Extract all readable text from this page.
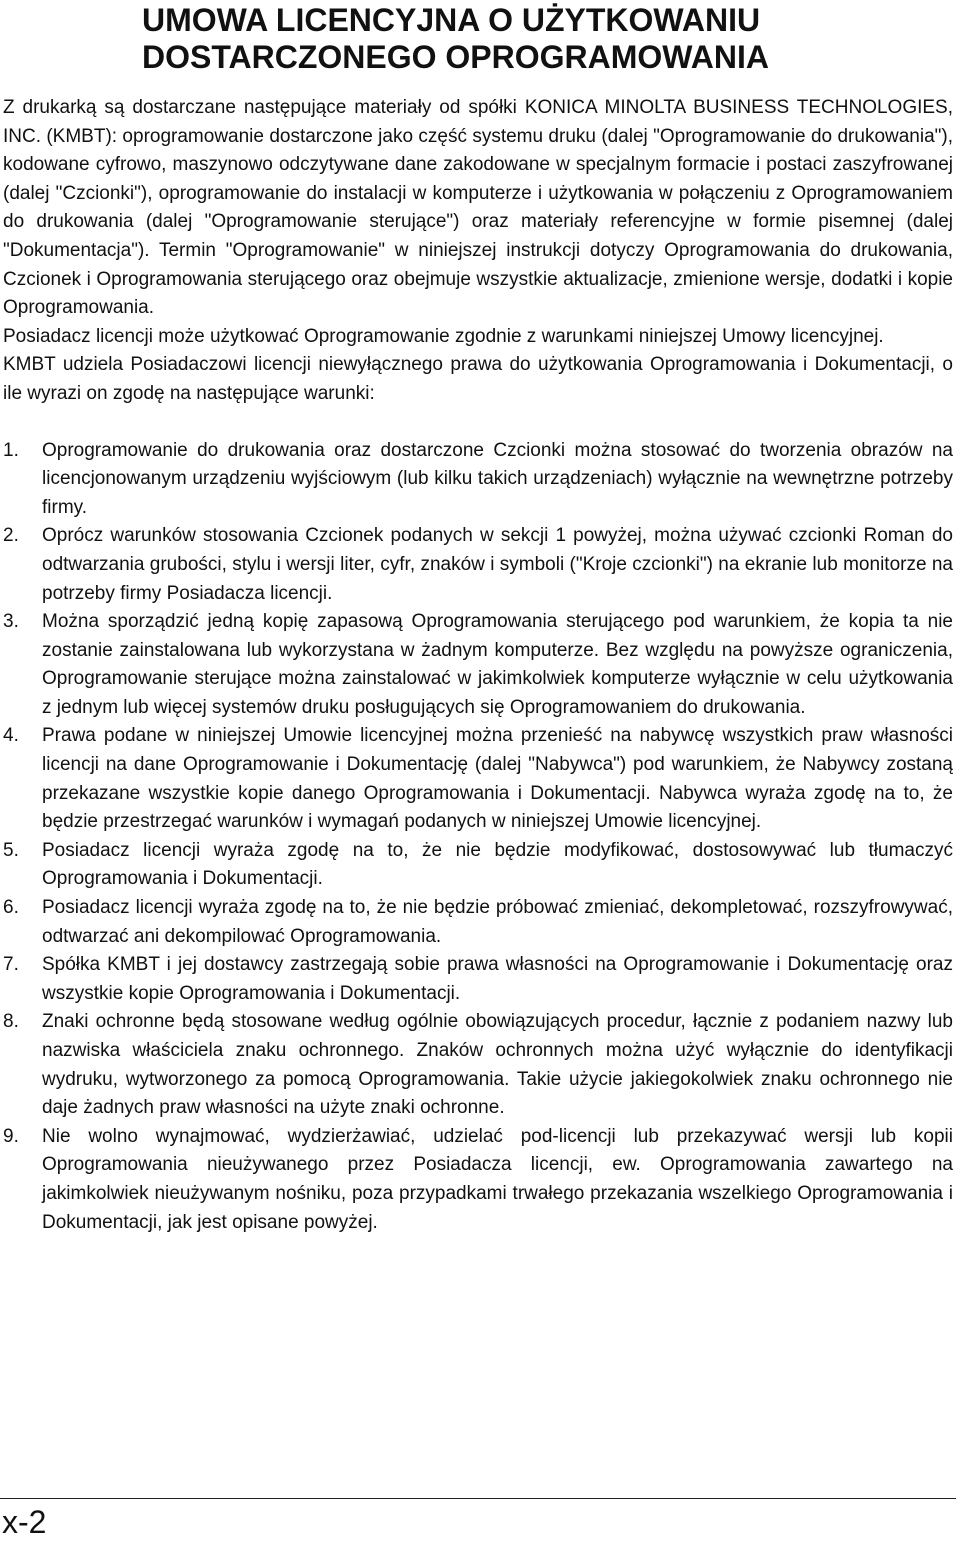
UMOWA LICENCYJNA O UŻYTKOWANIU
DOSTARCZONEGO OPROGRAMOWANIA

Z drukarką są dostarczane następujące materiały od spółki KONICA MINOLTA BUSINESS TECHNOLOGIES, INC. (KMBT): oprogramowanie dostarczone jako część systemu druku (dalej "Oprogramowanie do drukowania"), kodowane cyfrowo, maszynowo odczytywane dane zakodowane w specjalnym formacie i postaci zaszyfrowanej (dalej "Czcionki"), oprogramowanie do instalacji w komputerze i użytkowania w połączeniu z Oprogramowaniem do drukowania (dalej "Oprogramowanie sterujące") oraz materiały referencyjne w formie pisemnej (dalej "Dokumentacja"). Termin "Oprogramowanie" w niniejszej instrukcji dotyczy Oprogramowania do drukowania, Czcionek i Oprogramowania sterującego oraz obejmuje wszystkie aktualizacje, zmienione wersje, dodatki i kopie Oprogramowania.

Posiadacz licencji może użytkować Oprogramowanie zgodnie z warunkami niniejszej Umowy licencyjnej.

KMBT udziela Posiadaczowi licencji niewyłącznego prawa do użytkowania Oprogramowania i Dokumentacji, o ile wyrazi on zgodę na następujące warunki:

1. Oprogramowanie do drukowania oraz dostarczone Czcionki można stosować do tworzenia obrazów na licencjonowanym urządzeniu wyjściowym (lub kilku takich urządzeniach) wyłącznie na wewnętrzne potrzeby firmy.
2. Oprócz warunków stosowania Czcionek podanych w sekcji 1 powyżej, można używać czcionki Roman do odtwarzania grubości, stylu i wersji liter, cyfr, znaków i symboli ("Kroje czcionki") na ekranie lub monitorze na potrzeby firmy Posiadacza licencji.
3. Można sporządzić jedną kopię zapasową Oprogramowania sterującego pod warunkiem, że kopia ta nie zostanie zainstalowana lub wykorzystana w żadnym komputerze. Bez względu na powyższe ograniczenia, Oprogramowanie sterujące można zainstalować w jakimkolwiek komputerze wyłącznie w celu użytkowania z jednym lub więcej systemów druku posługujących się Oprogramowaniem do drukowania.
4. Prawa podane w niniejszej Umowie licencyjnej można przenieść na nabywcę wszystkich praw własności licencji na dane Oprogramowanie i Dokumentację (dalej "Nabywca") pod warunkiem, że Nabywcy zostaną przekazane wszystkie kopie danego Oprogramowania i Dokumentacji. Nabywca wyraża zgodę na to, że będzie przestrzegać warunków i wymagań podanych w niniejszej Umowie licencyjnej.
5. Posiadacz licencji wyraża zgodę na to, że nie będzie modyfikować, dostosowywać lub tłumaczyć Oprogramowania i Dokumentacji.
6. Posiadacz licencji wyraża zgodę na to, że nie będzie próbować zmieniać, dekompletować, rozszyfrowywać, odtwarzać ani dekompilować Oprogramowania.
7. Spółka KMBT i jej dostawcy zastrzegają sobie prawa własności na Oprogramowanie i Dokumentację oraz wszystkie kopie Oprogramowania i Dokumentacji.
8. Znaki ochronne będą stosowane według ogólnie obowiązujących procedur, łącznie z podaniem nazwy lub nazwiska właściciela znaku ochronnego. Znaków ochronnych można użyć wyłącznie do identyfikacji wydruku, wytworzonego za pomocą Oprogramowania. Takie użycie jakiegokolwiek znaku ochronnego nie daje żadnych praw własności na użyte znaki ochronne.
9. Nie wolno wynajmować, wydzierżawiać, udzielać pod-licencji lub przekazywać wersji lub kopii Oprogramowania nieużywanego przez Posiadacza licencji, ew. Oprogramowania zawartego na jakimkolwiek nieużywanym nośniku, poza przypadkami trwałego przekazania wszelkiego Oprogramowania i Dokumentacji, jak jest opisane powyżej.
x-2
